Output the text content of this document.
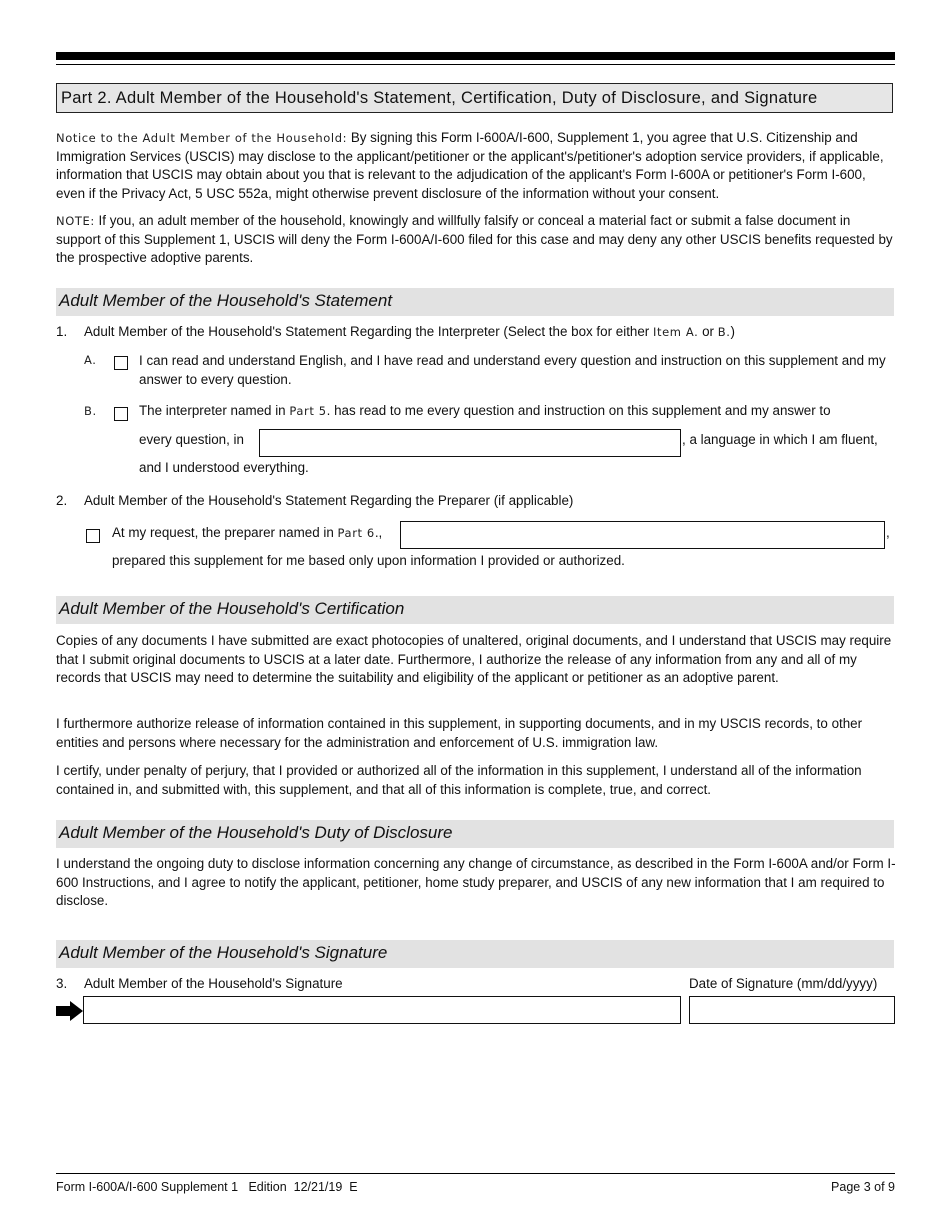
Part 2. Adult Member of the Household's Statement, Certification, Duty of Disclosure, and Signature
Notice to the Adult Member of the Household: By signing this Form I-600A/I-600, Supplement 1, you agree that U.S. Citizenship and Immigration Services (USCIS) may disclose to the applicant/petitioner or the applicant's/petitioner's adoption service providers, if applicable, information that USCIS may obtain about you that is relevant to the adjudication of the applicant's Form I-600A or petitioner's Form I-600, even if the Privacy Act, 5 USC 552a, might otherwise prevent disclosure of the information without your consent.
NOTE: If you, an adult member of the household, knowingly and willfully falsify or conceal a material fact or submit a false document in support of this Supplement 1, USCIS will deny the Form I-600A/I-600 filed for this case and may deny any other USCIS benefits requested by the prospective adoptive parents.
Adult Member of the Household's Statement
1. Adult Member of the Household's Statement Regarding the Interpreter (Select the box for either Item A. or B.)
A.	I can read and understand English, and I have read and understand every question and instruction on this supplement and my answer to every question.
B.	The interpreter named in Part 5. has read to me every question and instruction on this supplement and my answer to
every question, in	, a language in which I am fluent,
and I understood everything.
2. Adult Member of the Household's Statement Regarding the Preparer (if applicable)
At my request, the preparer named in Part 6.,	,
prepared this supplement for me based only upon information I provided or authorized.
Adult Member of the Household's Certification
Copies of any documents I have submitted are exact photocopies of unaltered, original documents, and I understand that USCIS may require that I submit original documents to USCIS at a later date. Furthermore, I authorize the release of any information from any and all of my records that USCIS may need to determine the suitability and eligibility of the applicant or petitioner as an adoptive parent.
I furthermore authorize release of information contained in this supplement, in supporting documents, and in my USCIS records, to other entities and persons where necessary for the administration and enforcement of U.S. immigration law.
I certify, under penalty of perjury, that I provided or authorized all of the information in this supplement, I understand all of the information contained in, and submitted with, this supplement, and that all of this information is complete, true, and correct.
Adult Member of the Household's Duty of Disclosure
I understand the ongoing duty to disclose information concerning any change of circumstance, as described in the Form I-600A and/or Form I-600 Instructions, and I agree to notify the applicant, petitioner, home study preparer, and USCIS of any new information that I am required to disclose.
Adult Member of the Household's Signature
3. Adult Member of the Household's Signature	Date of Signature (mm/dd/yyyy)
Form I-600A/I-600 Supplement 1   Edition  12/21/19  E	Page 3 of 9
